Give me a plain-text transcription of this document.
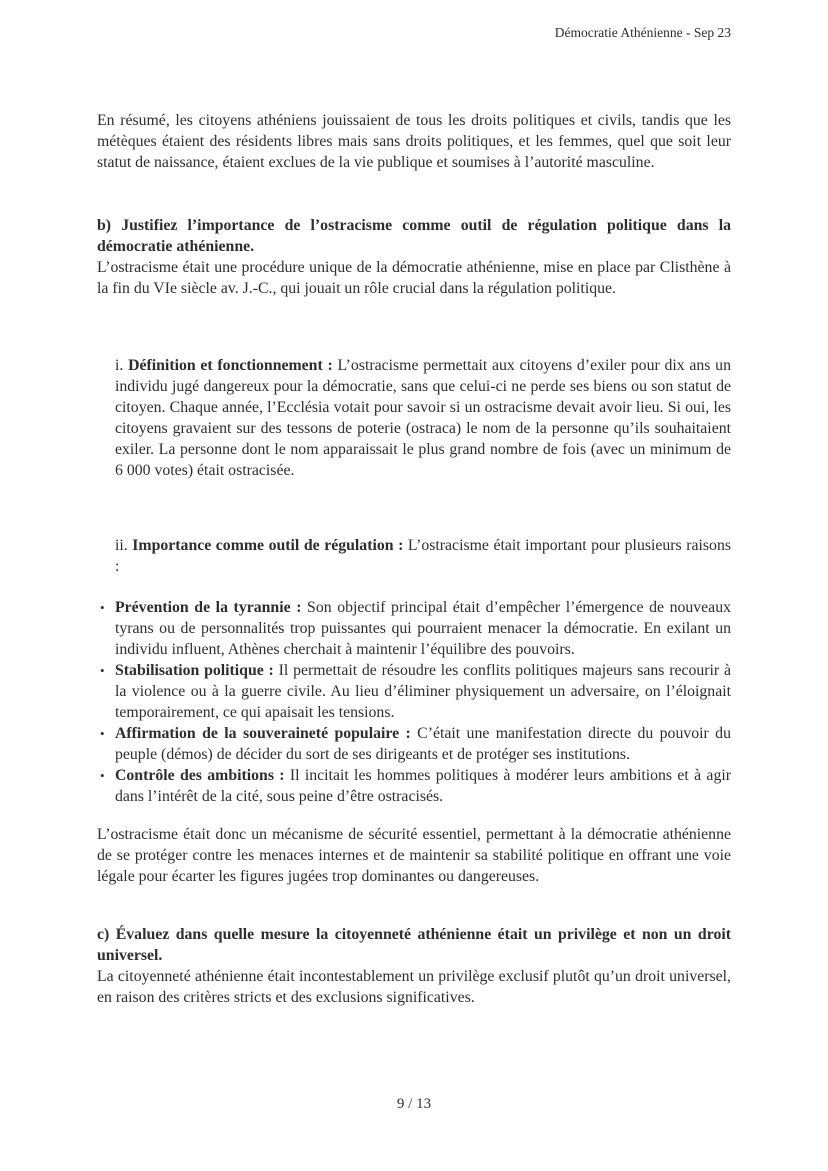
Démocratie Athénienne - Sep 23

En résumé, les citoyens athéniens jouissaient de tous les droits politiques et civils, tandis que les métèques étaient des résidents libres mais sans droits politiques, et les femmes, quel que soit leur statut de naissance, étaient exclues de la vie publique et soumises à l’autorité masculine.

b) Justifiez l’importance de l’ostracisme comme outil de régulation politique dans la démocratie athénienne.

L’ostracisme était une procédure unique de la démocratie athénienne, mise en place par Clisthène à la fin du VIe siècle av. J.-C., qui jouait un rôle crucial dans la régulation politique.

i. Définition et fonctionnement : L’ostracisme permettait aux citoyens d’exiler pour dix ans un individu jugé dangereux pour la démocratie, sans que celui-ci ne perde ses biens ou son statut de citoyen. Chaque année, l’Ecclésia votait pour savoir si un ostracisme devait avoir lieu. Si oui, les citoyens gravaient sur des tessons de poterie (ostraca) le nom de la personne qu’ils souhaitaient exiler. La personne dont le nom apparaissait le plus grand nombre de fois (avec un minimum de 6 000 votes) était ostracisée.

ii. Importance comme outil de régulation : L’ostracisme était important pour plusieurs raisons :

• Prévention de la tyrannie : Son objectif principal était d’empêcher l’émergence de nouveaux tyrans ou de personnalités trop puissantes qui pourraient menacer la démocratie. En exilant un individu influent, Athènes cherchait à maintenir l’équilibre des pouvoirs.
• Stabilisation politique : Il permettait de résoudre les conflits politiques majeurs sans recourir à la violence ou à la guerre civile. Au lieu d’éliminer physiquement un adversaire, on l’éloignait temporairement, ce qui apaisait les tensions.
• Affirmation de la souveraineté populaire : C’était une manifestation directe du pouvoir du peuple (démos) de décider du sort de ses dirigeants et de protéger ses institutions.
• Contrôle des ambitions : Il incitait les hommes politiques à modérer leurs ambitions et à agir dans l’intérêt de la cité, sous peine d’être ostracisés.

L’ostracisme était donc un mécanisme de sécurité essentiel, permettant à la démocratie athénienne de se protéger contre les menaces internes et de maintenir sa stabilité politique en offrant une voie légale pour écarter les figures jugées trop dominantes ou dangereuses.

c) Évaluez dans quelle mesure la citoyenneté athénienne était un privilège et non un droit universel.

La citoyenneté athénienne était incontestablement un privilège exclusif plutôt qu’un droit universel, en raison des critères stricts et des exclusions significatives.

9 / 13
